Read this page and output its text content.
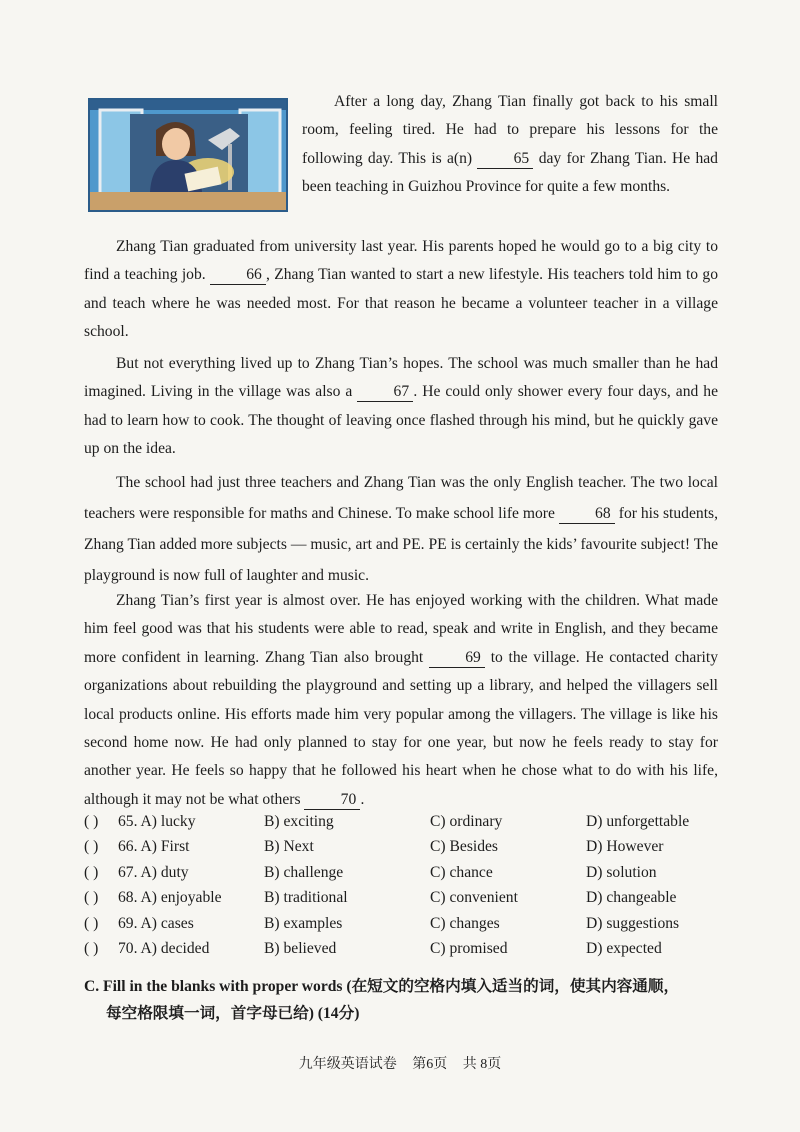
After a long day, Zhang Tian finally got back to his small room, feeling tired. He had to prepare his lessons for the following day. This is a(n) 65 day for Zhang Tian. He had been teaching in Guizhou Province for quite a few months.

Zhang Tian graduated from university last year. His parents hoped he would go to a big city to find a teaching job. 66 , Zhang Tian wanted to start a new lifestyle. His teachers told him to go and teach where he was needed most. For that reason he became a volunteer teacher in a village school.

But not everything lived up to Zhang Tian’s hopes. The school was much smaller than he had imagined. Living in the village was also a 67 . He could only shower every four days, and he had to learn how to cook. The thought of leaving once flashed through his mind, but he quickly gave up on the idea.

The school had just three teachers and Zhang Tian was the only English teacher. The two local teachers were responsible for maths and Chinese. To make school life more 68 for his students, Zhang Tian added more subjects — music, art and PE. PE is certainly the kids’ favourite subject! The playground is now full of laughter and music.

Zhang Tian’s first year is almost over. He has enjoyed working with the children. What made him feel good was that his students were able to read, speak and write in English, and they became more confident in learning. Zhang Tian also brought 69 to the village. He contacted charity organizations about rebuilding the playground and setting up a library, and helped the villagers sell local products online. His efforts made him very popular among the villagers. The village is like his second home now. He had only planned to stay for one year, but now he feels ready to stay for another year. He feels so happy that he followed his heart when he chose what to do with his life, although it may not be what others 70 .

( ) 65. A) lucky	B) exciting	C) ordinary	D) unforgettable
( ) 66. A) First	B) Next	C) Besides	D) However
( ) 67. A) duty	B) challenge	C) chance	D) solution
( ) 68. A) enjoyable	B) traditional	C) convenient	D) changeable
( ) 69. A) cases	B) examples	C) changes	D) suggestions
( ) 70. A) decided	B) believed	C) promised	D) expected
C. Fill in the blanks with proper words (在短文的空格内填入适当的词，使其内容通顺，
每空格限填一词，首字母已给) (14分)
九年级英语试卷 第6页 共 8页
